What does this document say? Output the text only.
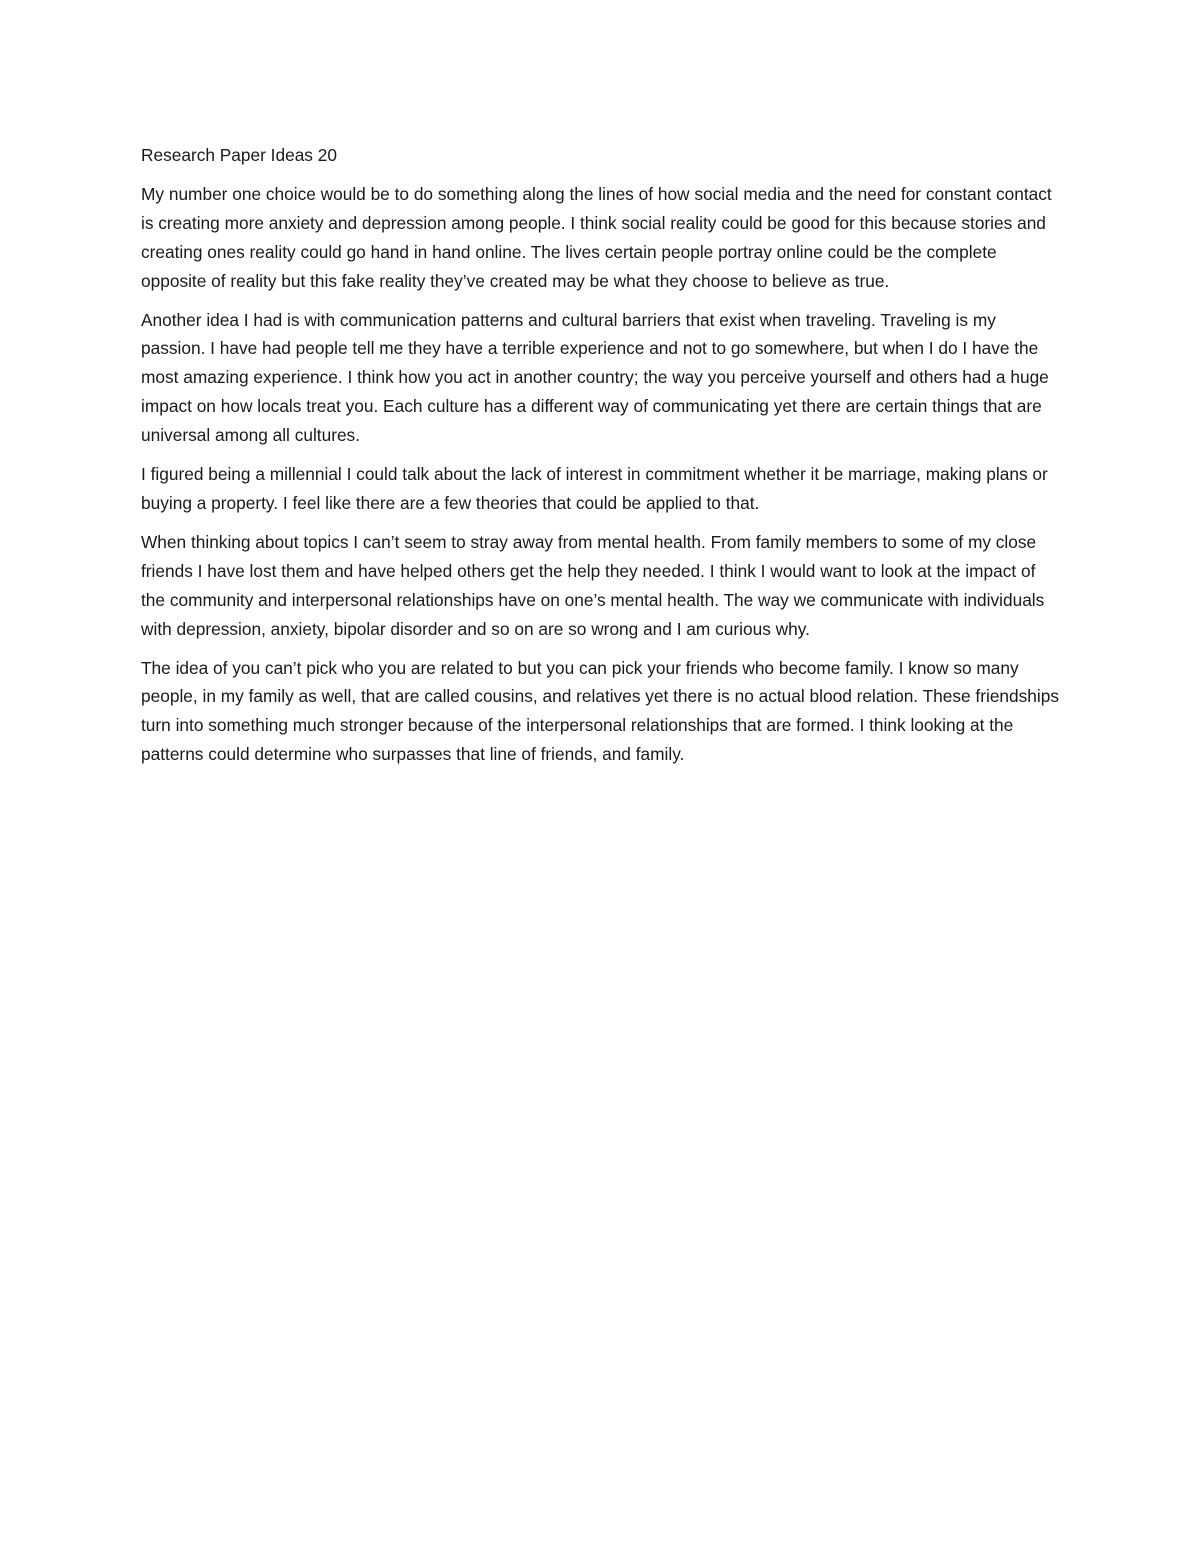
Research Paper Ideas 20

My number one choice would be to do something along the lines of how social media and the need for constant contact is creating more anxiety and depression among people. I think social reality could be good for this because stories and creating ones reality could go hand in hand online. The lives certain people portray online could be the complete opposite of reality but this fake reality they’ve created may be what they choose to believe as true.

Another idea I had is with communication patterns and cultural barriers that exist when traveling. Traveling is my passion. I have had people tell me they have a terrible experience and not to go somewhere, but when I do I have the most amazing experience. I think how you act in another country; the way you perceive yourself and others had a huge impact on how locals treat you. Each culture has a different way of communicating yet there are certain things that are universal among all cultures.

I figured being a millennial I could talk about the lack of interest in commitment whether it be marriage, making plans or buying a property. I feel like there are a few theories that could be applied to that.

When thinking about topics I can’t seem to stray away from mental health. From family members to some of my close friends I have lost them and have helped others get the help they needed. I think I would want to look at the impact of the community and interpersonal relationships have on one’s mental health. The way we communicate with individuals with depression, anxiety, bipolar disorder and so on are so wrong and I am curious why.

The idea of you can’t pick who you are related to but you can pick your friends who become family. I know so many people, in my family as well, that are called cousins, and relatives yet there is no actual blood relation. These friendships turn into something much stronger because of the interpersonal relationships that are formed. I think looking at the patterns could determine who surpasses that line of friends, and family.
